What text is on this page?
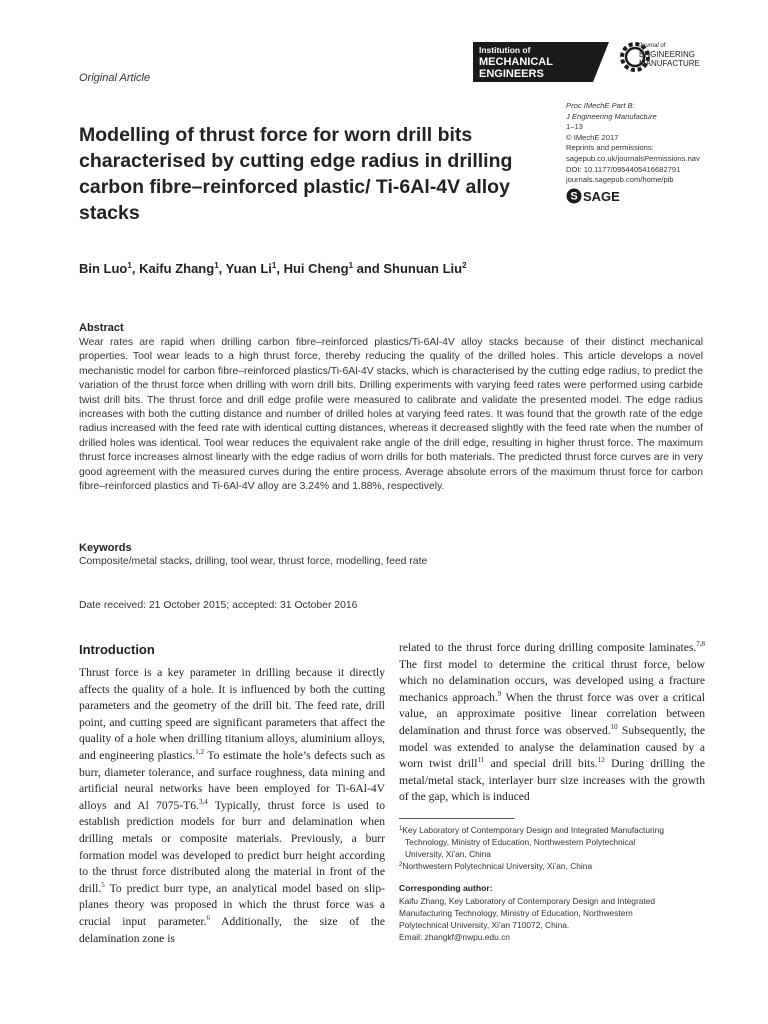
Institution of
MECHANICAL
ENGINEERS
Journal of
ENGINEERING
MANUFACTURE
Original Article
Modelling of thrust force for worn drill bits characterised by cutting edge radius in drilling carbon fibre–reinforced plastic/ Ti-6Al-4V alloy stacks
Proc IMechE Part B:
J Engineering Manufacture
1–13
© IMechE 2017
Reprints and permissions:
sagepub.co.uk/journalsPermissions.nav
DOI: 10.1177/0954405416682791
journals.sagepub.com/home/pib
S SAGE
Bin Luo$^1$, Kaifu Zhang$^1$, Yuan Li$^1$, Hui Cheng$^1$ and Shunuan Liu$^2$
Abstract
Wear rates are rapid when drilling carbon fibre–reinforced plastics/Ti-6Al-4V alloy stacks because of their distinct mechanical properties. Tool wear leads to a high thrust force, thereby reducing the quality of the drilled holes. This article develops a novel mechanistic model for carbon fibre–reinforced plastics/Ti-6Al-4V stacks, which is characterised by the cutting edge radius, to predict the variation of the thrust force when drilling with worn drill bits. Drilling experiments with varying feed rates were performed using carbide twist drill bits. The thrust force and drill edge profile were measured to calibrate and validate the presented model. The edge radius increases with both the cutting distance and number of drilled holes at varying feed rates. It was found that the growth rate of the edge radius increased with the feed rate with identical cutting distances, whereas it decreased slightly with the feed rate when the number of drilled holes was identical. Tool wear reduces the equivalent rake angle of the drill edge, resulting in higher thrust force. The maximum thrust force increases almost linearly with the edge radius of worn drills for both materials. The predicted thrust force curves are in very good agreement with the measured curves during the entire process. Average absolute errors of the maximum thrust force for carbon fibre–reinforced plastics and Ti-6Al-4V alloy are 3.24% and 1.88%, respectively.
Keywords
Composite/metal stacks, drilling, tool wear, thrust force, modelling, feed rate
Date received: 21 October 2015; accepted: 31 October 2016
Introduction
Thrust force is a key parameter in drilling because it directly affects the quality of a hole. It is influenced by both the cutting parameters and the geometry of the drill bit. The feed rate, drill point, and cutting speed are significant parameters that affect the quality of a hole when drilling titanium alloys, aluminium alloys, and engineering plastics.$^{1,2}$ To estimate the hole’s defects such as burr, diameter tolerance, and surface roughness, data mining and artificial neural networks have been employed for Ti-6Al-4V alloys and Al 7075-T6.$^{3,4}$ Typically, thrust force is used to establish prediction models for burr and delamination when drilling metals or composite materials. Previously, a burr formation model was developed to predict burr height according to the thrust force distributed along the material in front of the drill.$^5$ To predict burr type, an analytical model based on slip-planes theory was proposed in which the thrust force was a crucial input parameter.$^6$ Additionally, the size of the delamination zone is
related to the thrust force during drilling composite laminates.$^{7,8}$ The first model to determine the critical thrust force, below which no delamination occurs, was developed using a fracture mechanics approach.$^9$ When the thrust force was over a critical value, an approximate positive linear correlation between delamination and thrust force was observed.$^{10}$ Subsequently, the model was extended to analyse the delamination caused by a worn twist drill$^{11}$ and special drill bits.$^{12}$ During drilling the metal/metal stack, interlayer burr size increases with the growth of the gap, which is induced
$^1$Key Laboratory of Contemporary Design and Integrated Manufacturing
Technology, Ministry of Education, Northwestern Polytechnical
University, Xi’an, China
$^2$Northwestern Polytechnical University, Xi’an, China
Corresponding author:
Kaifu Zhang, Key Laboratory of Contemporary Design and Integrated
Manufacturing Technology, Ministry of Education, Northwestern
Polytechnical University, Xi’an 710072, China.
Email: zhangkf@nwpu.edu.cn
